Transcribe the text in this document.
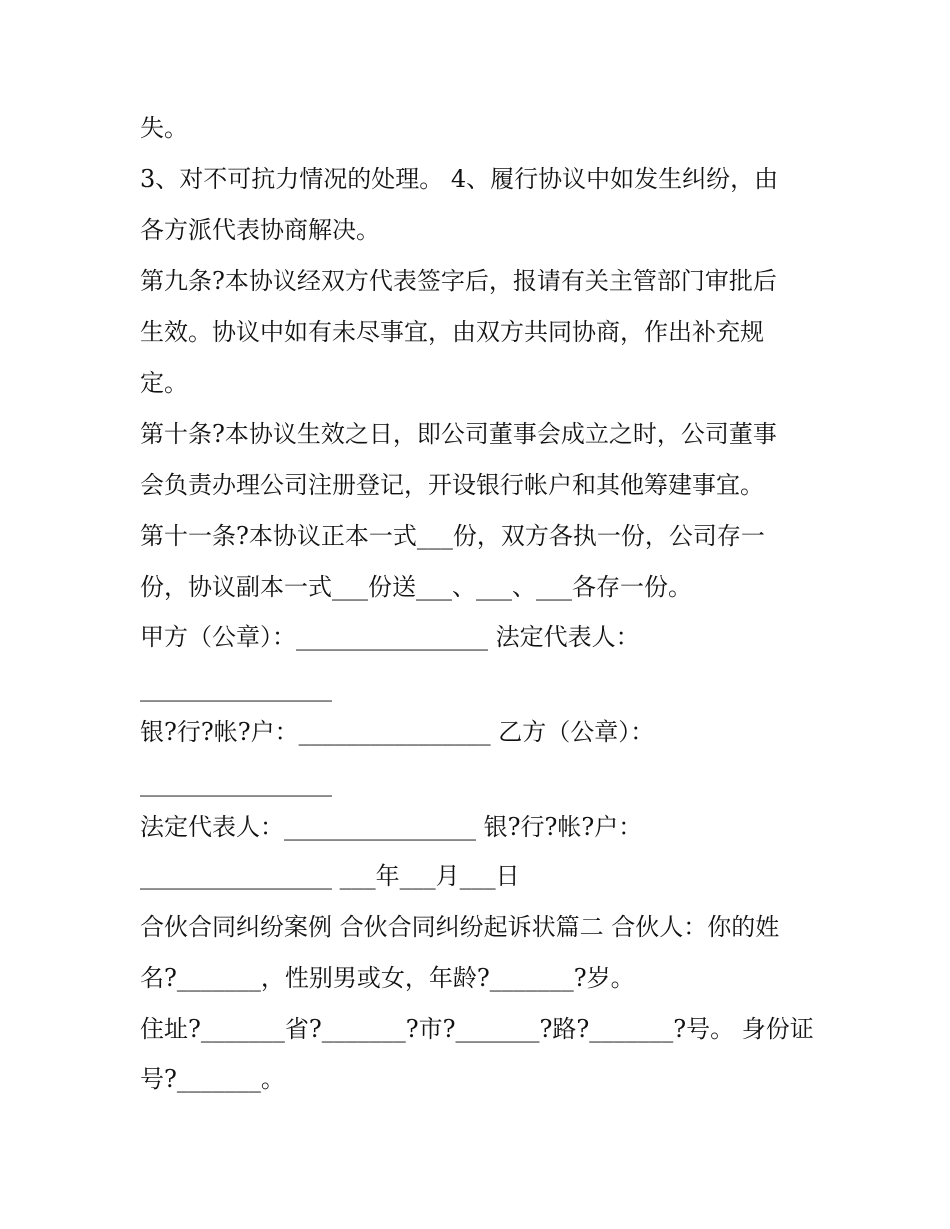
失。
3、对不可抗力情况的处理。 4、履行协议中如发生纠纷，由
各方派代表协商解决。
第九条?本协议经双方代表签字后，报请有关主管部门审批后
生效。协议中如有未尽事宜，由双方共同协商，作出补充规
定。
第十条?本协议生效之日，即公司董事会成立之时，公司董事
会负责办理公司注册登记，开设银行帐户和其他筹建事宜。
第十一条?本协议正本一式___份，双方各执一份，公司存一
份，协议副本一式___份送___、___、___各存一份。
甲方（公章）：________________ 法定代表人：
________________
银?行?帐?户：________________ 乙方（公章）：
________________
法定代表人：________________ 银?行?帐?户：
________________ ___年___月___日
合伙合同纠纷案例 合伙合同纠纷起诉状篇二 合伙人：你的姓
名?_______，性别男或女，年龄?_______?岁。
住址?_______省?_______?市?_______?路?_______?号。 身份证
号?_______。
